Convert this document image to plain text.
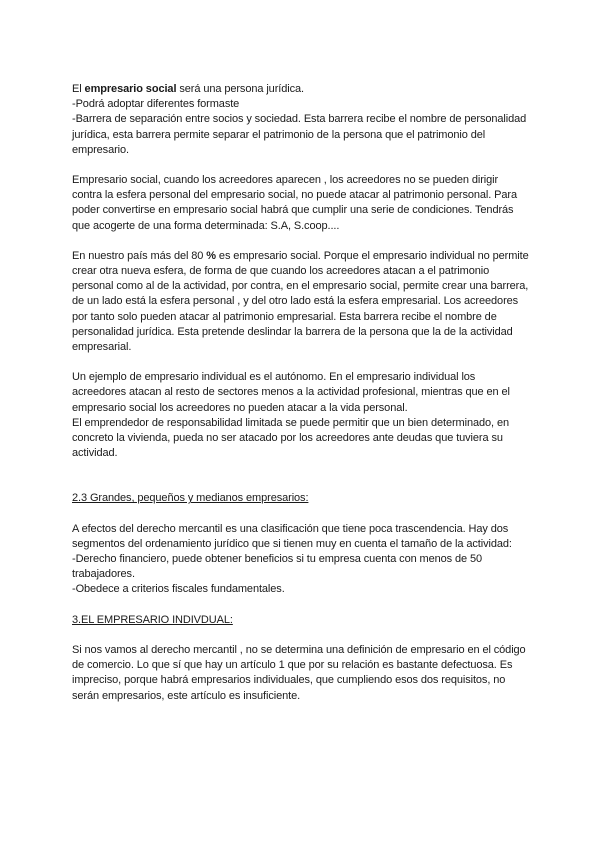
El empresario social será una persona jurídica.

-Podrá adoptar diferentes formaste

-Barrera de separación entre socios y sociedad. Esta barrera recibe el nombre de personalidad jurídica, esta barrera permite separar el patrimonio de la persona que el patrimonio del empresario.

Empresario social, cuando los acreedores aparecen , los acreedores no se pueden dirigir contra la esfera personal del empresario social, no puede atacar al patrimonio personal. Para poder convertirse en empresario social habrá que cumplir una serie de condiciones. Tendrás que acogerte de una forma determinada: S.A, S.coop....

En nuestro país más del 80 % es empresario social. Porque el empresario individual no permite crear otra nueva esfera, de forma de que cuando los acreedores atacan a el patrimonio personal como al de la actividad, por contra, en el empresario social, permite crear una barrera, de un lado está la esfera personal , y del otro lado está la esfera empresarial. Los acreedores por tanto solo pueden atacar al patrimonio empresarial. Esta barrera recibe el nombre de personalidad jurídica. Esta pretende deslindar la barrera de la persona que la de la actividad empresarial.

Un ejemplo de empresario individual es el autónomo. En el empresario individual los acreedores atacan al resto de sectores menos a la actividad profesional, mientras que en el empresario social los acreedores no pueden atacar a la vida personal.

El emprendedor de responsabilidad limitada se puede permitir que un bien determinado, en concreto la vivienda, pueda no ser atacado por los acreedores ante deudas que tuviera su actividad.

2.3 Grandes, pequeños y medianos empresarios:

A efectos del derecho mercantil es una clasificación que tiene poca trascendencia. Hay dos segmentos del ordenamiento jurídico que si tienen muy en cuenta el tamaño de la actividad:

-Derecho financiero, puede obtener beneficios si tu empresa cuenta con menos de 50 trabajadores.

-Obedece a criterios fiscales fundamentales.

3.EL EMPRESARIO INDIVDUAL:

Si nos vamos al derecho mercantil , no se determina una definición de empresario en el código de comercio. Lo que sí que hay un artículo 1 que por su relación es bastante defectuosa. Es impreciso, porque habrá empresarios individuales, que cumpliendo esos dos requisitos, no serán empresarios, este artículo es insuficiente.
